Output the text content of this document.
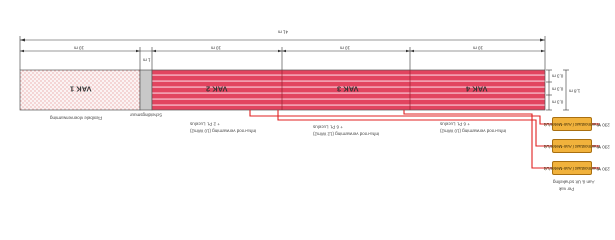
41 m
10 m
1 m
10 m	10 m	10 m
0,3 m
0,3 m
0,3 m
1,8 m
VAK 1	VAK 2	VAK 3	VAK 4
Flexibele vloerverwarming
Scheidingsmuur
+ 2 Pt. Lucelus
Infra-rood verwarming (10 W/m2)
+ 6 Pt. Lucelus
Infra-rood verwarming (12 W/m2)
+ 6 Pt. Lucelus
Infra-rood verwarming (10 W/m2)
Thermostaat / Aan-Meter/Uit
Thermostaat / Aan-Meter/Uit
Thermostaat / Aan-Meter/Uit
230 V
230 V
230 V
Aan & Uit schakeling
Per vak
